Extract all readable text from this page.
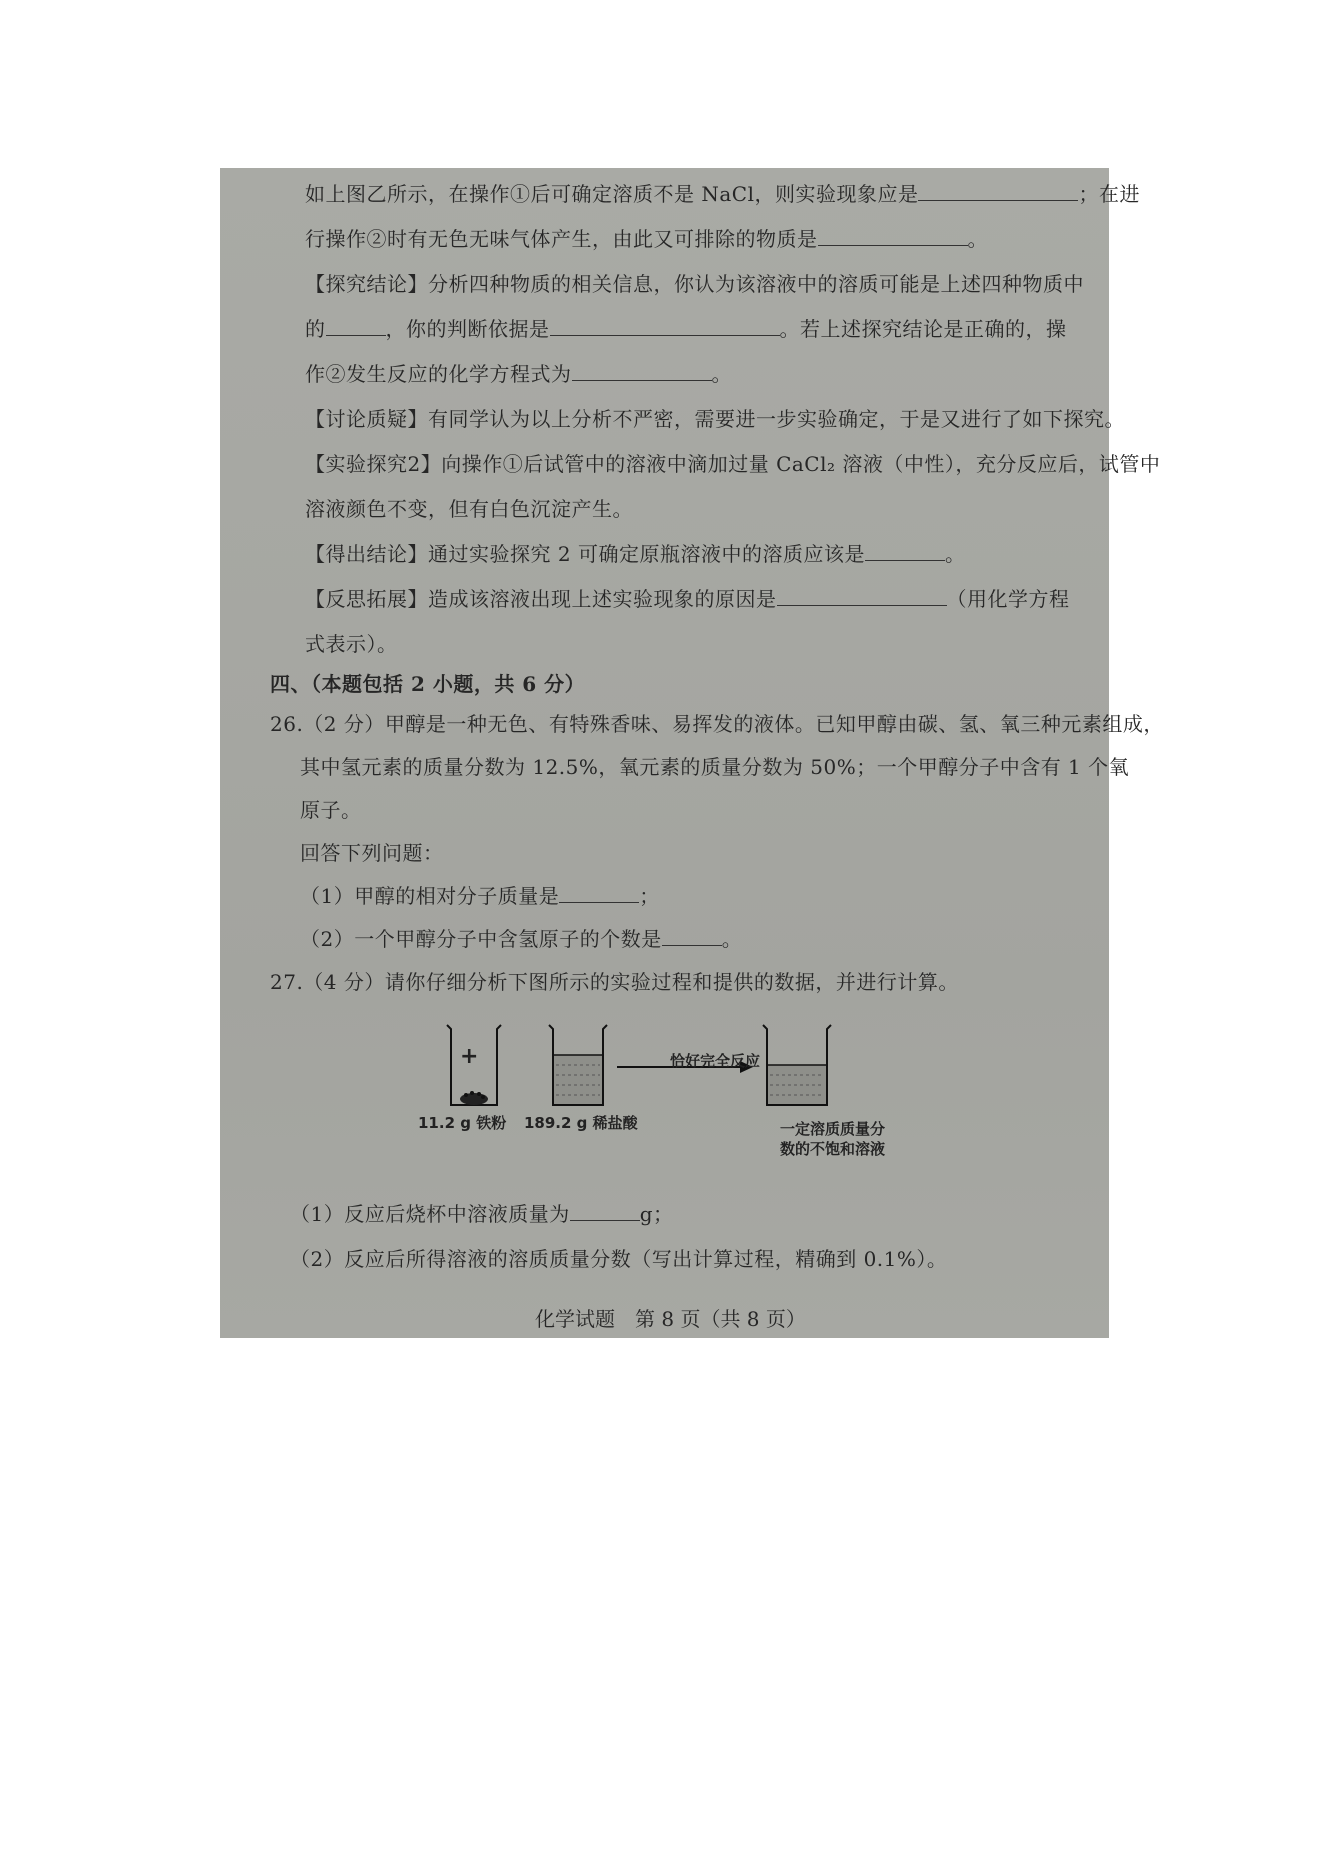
如上图乙所示，在操作①后可确定溶质不是 NaCl，则实验现象应是	；在进
行操作②时有无色无味气体产生，由此又可排除的物质是	。
【探究结论】分析四种物质的相关信息，你认为该溶液中的溶质可能是上述四种物质中
的	，你的判断依据是	。若上述探究结论是正确的，操
作②发生反应的化学方程式为	。
【讨论质疑】有同学认为以上分析不严密，需要进一步实验确定，于是又进行了如下探究。
【实验探究2】向操作①后试管中的溶液中滴加过量 CaCl₂ 溶液（中性），充分反应后，试管中
溶液颜色不变，但有白色沉淀产生。
【得出结论】通过实验探究 2 可确定原瓶溶液中的溶质应该是	。
【反思拓展】造成该溶液出现上述实验现象的原因是	（用化学方程
式表示）。
四、（本题包括 2 小题，共 6 分）
26.（2 分）甲醇是一种无色、有特殊香味、易挥发的液体。已知甲醇由碳、氢、氧三种元素组成，
其中氢元素的质量分数为 12.5%，氧元素的质量分数为 50%；一个甲醇分子中含有 1 个氧
原子。
回答下列问题：
（1）甲醇的相对分子质量是	；
（2）一个甲醇分子中含氢原子的个数是	。
27.（4 分）请你仔细分析下图所示的实验过程和提供的数据，并进行计算。
+	恰好完全反应
11.2 g 铁粉 189.2 g 稀盐酸	一定溶质质量分
数的不饱和溶液
（1）反应后烧杯中溶液质量为	g；
（2）反应后所得溶液的溶质质量分数（写出计算过程，精确到 0.1%）。
化学试题　第 8 页（共 8 页）
